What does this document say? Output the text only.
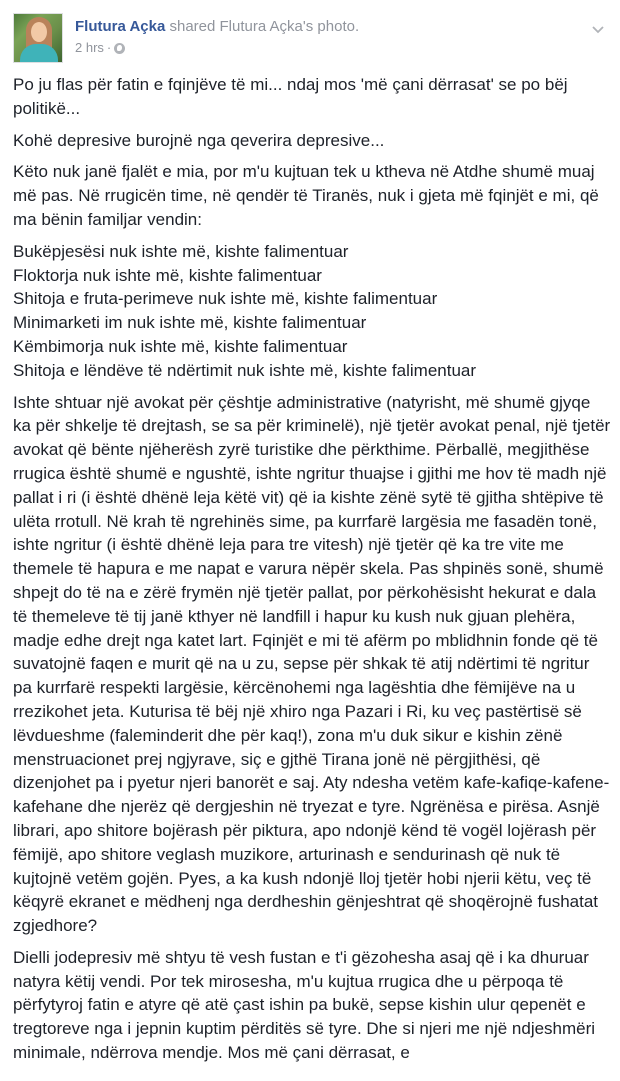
Flutura Açka shared Flutura Açka's photo.
2 hrs ·

Po ju flas për fatin e fqinjëve të mi... ndaj mos 'më çani dërrasat' se po bëj politikë...

Kohë depresive burojnë nga qeverira depresive...

Këto nuk janë fjalët e mia, por m'u kujtuan tek u ktheva në Atdhe shumë muaj më pas. Në rrugicën time, në qendër të Tiranës, nuk i gjeta më fqinjët e mi, që ma bënin familjar vendin:

Bukëpjesësi nuk ishte më, kishte falimentuar
Floktorja nuk ishte më, kishte falimentuar
Shitoja e fruta-perimeve nuk ishte më, kishte falimentuar
Minimarketi im nuk ishte më, kishte falimentuar
Këmbimorja nuk ishte më, kishte falimentuar
Shitoja e lëndëve të ndërtimit nuk ishte më, kishte falimentuar

Ishte shtuar një avokat për çështje administrative (natyrisht, më shumë gjyqe ka për shkelje të drejtash, se sa për kriminelë), një tjetër avokat penal, një tjetër avokat që bënte njëherësh zyrë turistike dhe përkthime. Përballë, megjithëse rrugica është shumë e ngushtë, ishte ngritur thuajse i gjithi me hov të madh një pallat i ri (i është dhënë leja këtë vit) që ia kishte zënë sytë të gjitha shtëpive të ulëta rrotull. Në krah të ngrehinës sime, pa kurrfarë largësia me fasadën tonë, ishte ngritur (i është dhënë leja para tre vitesh) një tjetër që ka tre vite me themele të hapura e me napat e varura nëpër skela. Pas shpinës sonë, shumë shpejt do të na e zërë frymën një tjetër pallat, por përkohësisht hekurat e dala të themeleve të tij janë kthyer në landfill i hapur ku kush nuk gjuan plehëra, madje edhe drejt nga katet lart. Fqinjët e mi të afërm po mblidhnin fonde që të suvatojnë faqen e murit që na u zu, sepse për shkak të atij ndërtimi të ngritur pa kurrfarë respekti largësie, kërcënohemi nga lagështia dhe fëmijëve na u rrezikohet jeta. Kuturisa të bëj një xhiro nga Pazari i Ri, ku veç pastërtisë së lëvdueshme (faleminderit dhe për kaq!), zona m'u duk sikur e kishin zënë menstruacionet prej ngjyrave, siç e gjthë Tirana jonë në përgjithësi, që dizenjohet pa i pyetur njeri banorët e saj. Aty ndesha vetëm kafe-kafiqe-kafene-kafehane dhe njerëz që dergjeshin në tryezat e tyre. Ngrënësa e pirësa. Asnjë librari, apo shitore bojërash për piktura, apo ndonjë kënd të vogël lojërash për fëmijë, apo shitore veglash muzikore, arturinash e sendurinash që nuk të kujtojnë vetëm gojën. Pyes, a ka kush ndonjë lloj tjetër hobi njerii këtu, veç të këqyrë ekranet e mëdhenj nga derdheshin gënjeshtrat që shoqërojnë fushatat zgjedhore?

Dielli jodepresiv më shtyu të vesh fustan e t'i gëzohesha asaj që i ka dhuruar natyra këtij vendi. Por tek mirosesha, m'u kujtua rrugica dhe u përpoqa të përfytyroj fatin e atyre që atë çast ishin pa bukë, sepse kishin ulur qepenët e tregtoreve nga i jepnin kuptim përditës së tyre. Dhe si njeri me një ndjeshmëri minimale, ndërrova mendje. Mos më çani dërrasat, e
